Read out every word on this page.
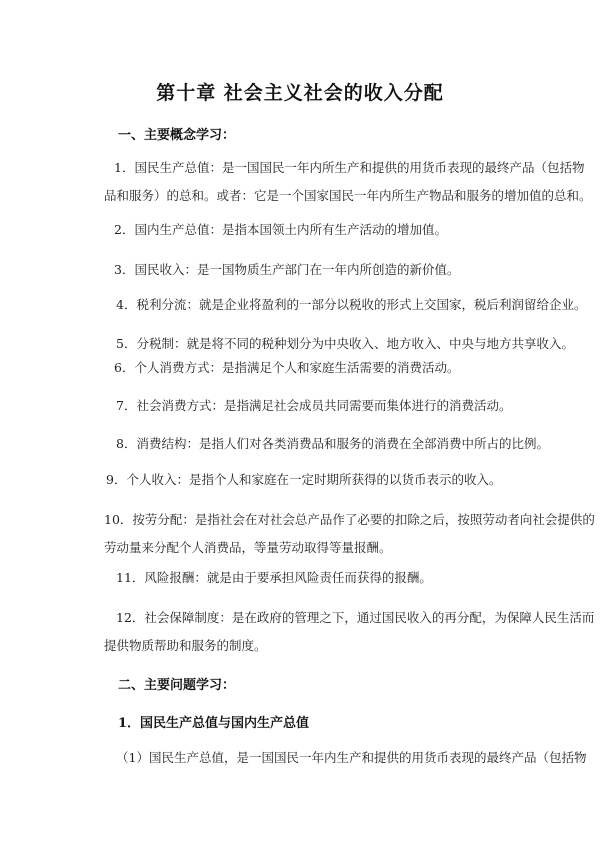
第十章 社会主义社会的收入分配
一、主要概念学习：
1．国民生产总值：是一国国民一年内所生产和提供的用货币表现的最终产品（包括物
品和服务）的总和。或者：它是一个国家国民一年内所生产物品和服务的增加值的总和。
2．国内生产总值：是指本国领土内所有生产活动的增加值。
3．国民收入：是一国物质生产部门在一年内所创造的新价值。
4．税利分流：就是企业将盈利的一部分以税收的形式上交国家，税后利润留给企业。
5．分税制：就是将不同的税种划分为中央收入、地方收入、中央与地方共享收入。
6．个人消费方式：是指满足个人和家庭生活需要的消费活动。
7．社会消费方式：是指满足社会成员共同需要而集体进行的消费活动。
8．消费结构：是指人们对各类消费品和服务的消费在全部消费中所占的比例。
9．个人收入：是指个人和家庭在一定时期所获得的以货币表示的收入。
10．按劳分配：是指社会在对社会总产品作了必要的扣除之后，按照劳动者向社会提供的
劳动量来分配个人消费品，等量劳动取得等量报酬。
11．风险报酬：就是由于要承担风险责任而获得的报酬。
12．社会保障制度：是在政府的管理之下，通过国民收入的再分配，为保障人民生活而
提供物质帮助和服务的制度。
二、主要问题学习：
1．国民生产总值与国内生产总值
（1）国民生产总值，是一国国民一年内生产和提供的用货币表现的最终产品（包括物
